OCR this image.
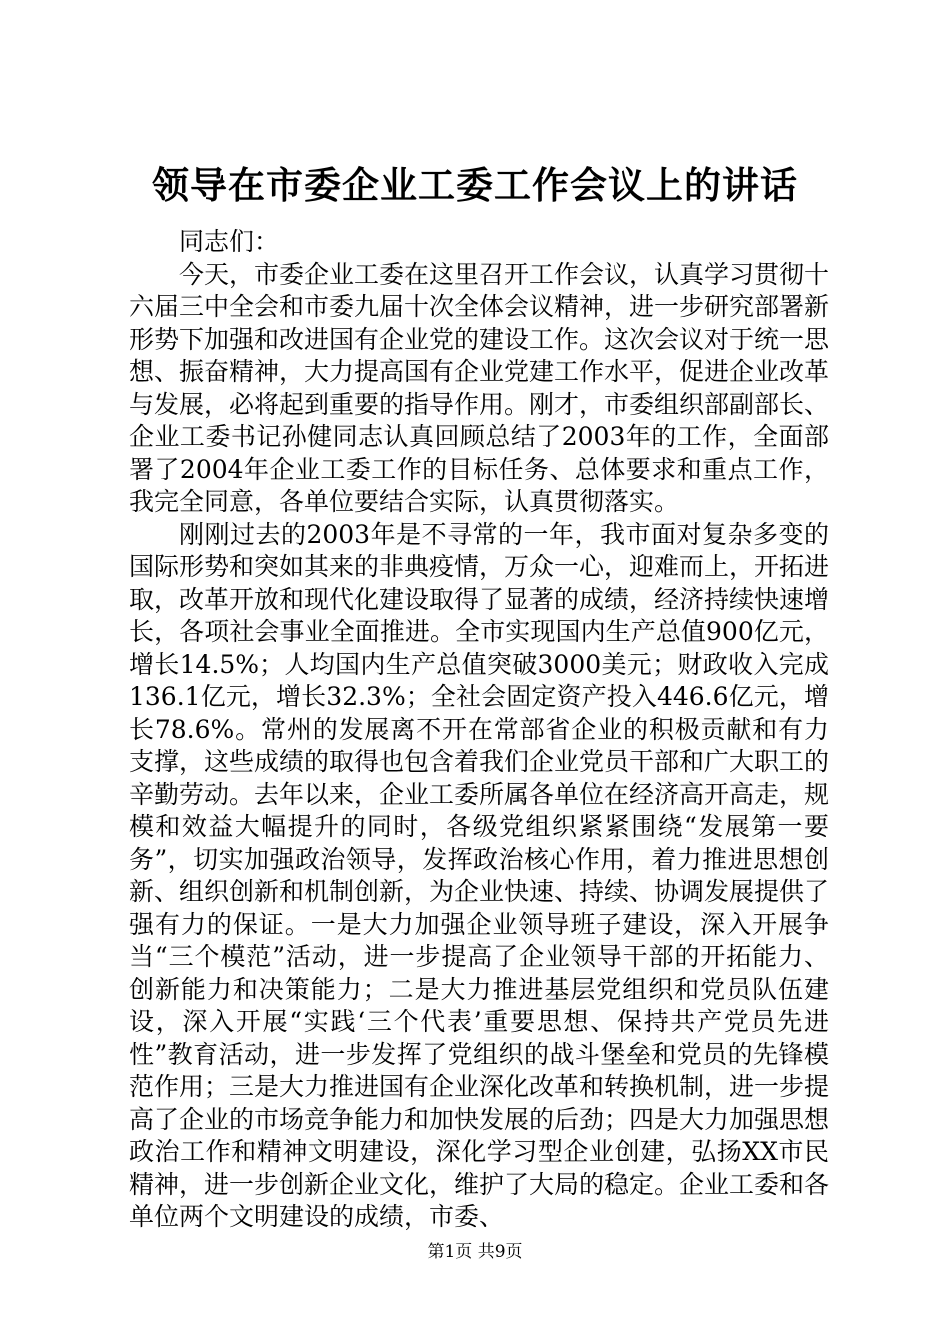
领导在市委企业工委工作会议上的讲话

同志们：

今天，市委企业工委在这里召开工作会议，认真学习贯彻十六届三中全会和市委九届十次全体会议精神，进一步研究部署新形势下加强和改进国有企业党的建设工作。这次会议对于统一思想、振奋精神，大力提高国有企业党建工作水平，促进企业改革与发展，必将起到重要的指导作用。刚才，市委组织部副部长、企业工委书记孙健同志认真回顾总结了2003年的工作，全面部署了2004年企业工委工作的目标任务、总体要求和重点工作，我完全同意，各单位要结合实际，认真贯彻落实。

刚刚过去的2003年是不寻常的一年，我市面对复杂多变的国际形势和突如其来的非典疫情，万众一心，迎难而上，开拓进取，改革开放和现代化建设取得了显著的成绩，经济持续快速增长，各项社会事业全面推进。全市实现国内生产总值900亿元，增长14.5%；人均国内生产总值突破3000美元；财政收入完成136.1亿元，增长32.3%；全社会固定资产投入446.6亿元，增长78.6%。常州的发展离不开在常部省企业的积极贡献和有力支撑，这些成绩的取得也包含着我们企业党员干部和广大职工的辛勤劳动。去年以来，企业工委所属各单位在经济高开高走，规模和效益大幅提升的同时，各级党组织紧紧围绕“发展第一要务”，切实加强政治领导，发挥政治核心作用，着力推进思想创新、组织创新和机制创新，为企业快速、持续、协调发展提供了强有力的保证。一是大力加强企业领导班子建设，深入开展争当“三个模范”活动，进一步提高了企业领导干部的开拓能力、创新能力和决策能力；二是大力推进基层党组织和党员队伍建设，深入开展“实践‘三个代表’重要思想、保持共产党员先进性”教育活动，进一步发挥了党组织的战斗堡垒和党员的先锋模范作用；三是大力推进国有企业深化改革和转换机制，进一步提高了企业的市场竞争能力和加快发展的后劲；四是大力加强思想政治工作和精神文明建设，深化学习型企业创建，弘扬XX市民精神，进一步创新企业文化，维护了大局的稳定。企业工委和各单位两个文明建设的成绩，市委、

第1页 共9页
